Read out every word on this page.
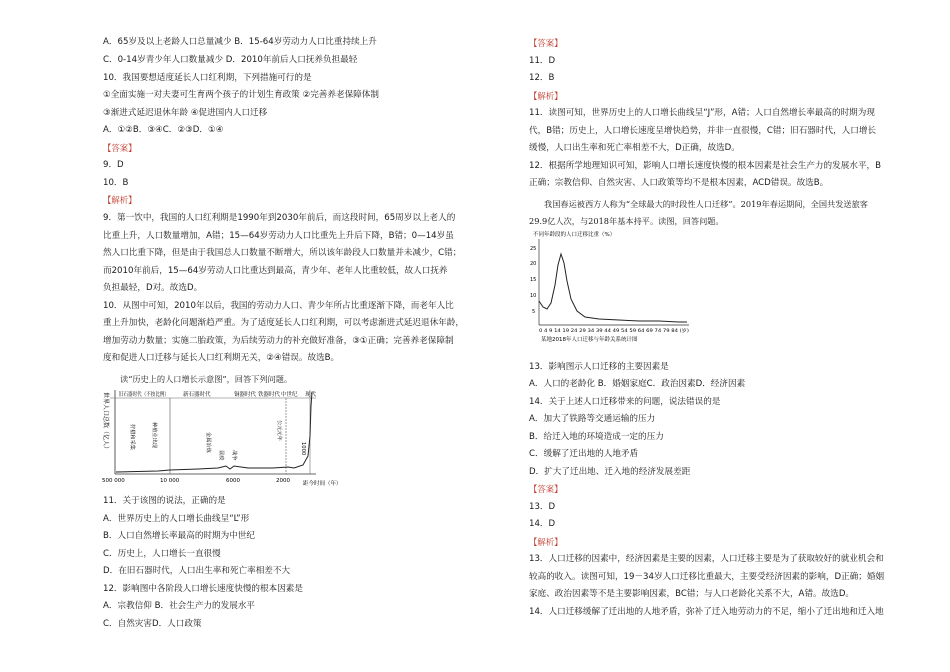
A．65岁及以上老龄人口总量减少 B．15-64岁劳动力人口比重持续上升
C．0-14岁青少年人口数量减少 D．2010年前后人口抚养负担最轻
10．我国要想适度延长人口红利期，下列措施可行的是
①全面实施一对夫妻可生育两个孩子的计划生育政策 ②完善养老保障体制
③渐进式延迟退休年龄 ④促进国内人口迁移
A．①②B．③④C．②③D．①④
【答案】
9．D
10．B
【解析】
9．第一饮中，我国的人口红利期是1990年到2030年前后，而这段时间，65周岁以上老人的
比重上升，人口数量增加，A错；15—64岁劳动力人口比重先上升后下降，B错；0—14岁虽
然人口比重下降，但是由于我国总人口数量不断增大，所以该年龄段人口数量并未减少，C错；
而2010年前后，15—64岁劳动人口比重达到最高，青少年、老年人比重较低，故人口抚养
负担最轻，D对。故选D。
10．从图中可知，2010年以后，我国的劳动力人口、青少年所占比重逐渐下降，而老年人比
重上升加快，老龄化问题渐趋严重。为了适度延长人口红利期，可以考虑渐进式延迟退休年龄，
增加劳动力数量；实施二胎政策，为后续劳动力的补充做好准备，③①正确；完善养老保障制
度和促进人口迁移与延长人口红利期无关，②④错误。故选B。
读“历史上的人口增长示意图”，回答下列问题。
世界人口总数（亿人） 旧石器时代（不按比例） 新石器时代	铜器时代 铁器时代 中世纪 现代
狩猎和采集	种植业出现	金属冶炼
鼠疫	战争
公元元年
1000
500 000	10 000	6000	2000 距今时间（年）
11．关于该图的说法，正确的是
A．世界历史上的人口增长曲线呈“L”形
B．人口自然增长率最高的时期为中世纪
C．历史上，人口增长一直很慢
D．在旧石器时代，人口出生率和死亡率相差不大
12．影响图中各阶段人口增长速度快慢的根本因素是
A．宗教信仰 B．社会生产力的发展水平
C．自然灾害D．人口政策
【答案】
11．D
12．B
【解析】
11．读图可知，世界历史上的人口增长曲线呈“J”形，A错；人口自然增长率最高的时期为现
代，B错；历史上，人口增长速度呈增快趋势，并非一直很慢，C错；旧石器时代，人口增长
缓慢，人口出生率和死亡率相差不大，D正确，故选D。
12．根据所学地理知识可知，影响人口增长速度快慢的根本因素是社会生产力的发展水平，B
正确；宗教信仰、自然灾害、人口政策等均不是根本因素，ACD错误。故选B。
我国春运被西方人称为“全球最大的时段性人口迁移”。2019年春运期间，全国共发送旅客
29.9亿人次，与2018年基本持平。读图，回答问题。
不同年龄段的人口迁移比重（%）
25
20
15
10
5
0 4 9 14 19 24 29 34 39 44 49 54 59 64 69 74 79 84 (岁)
某地2018年人口迁移与年龄关系统计图
13．影响图示人口迁移的主要因素是
A．人口的老龄化 B．婚姻家庭C．政治因素D．经济因素
14．关于上述人口迁移带来的问题，说法错误的是
A．加大了铁路等交通运输的压力
B．给迁入地的环境造成一定的压力
C．缓解了迁出地的人地矛盾
D．扩大了迁出地、迁入地的经济发展差距
【答案】
13．D
14．D
【解析】
13．人口迁移的因素中，经济因素是主要的因素，人口迁移主要是为了获取较好的就业机会和
较高的收入。读图可知，19－34岁人口迁移比重最大，主要受经济因素的影响，D正确；婚姻
家庭、政治因素等不是主要影响因素，BC错；与人口老龄化关系不大，A错。故选D。
14．人口迁移缓解了迁出地的人地矛盾，弥补了迁入地劳动力的不足，缩小了迁出地和迁入地
